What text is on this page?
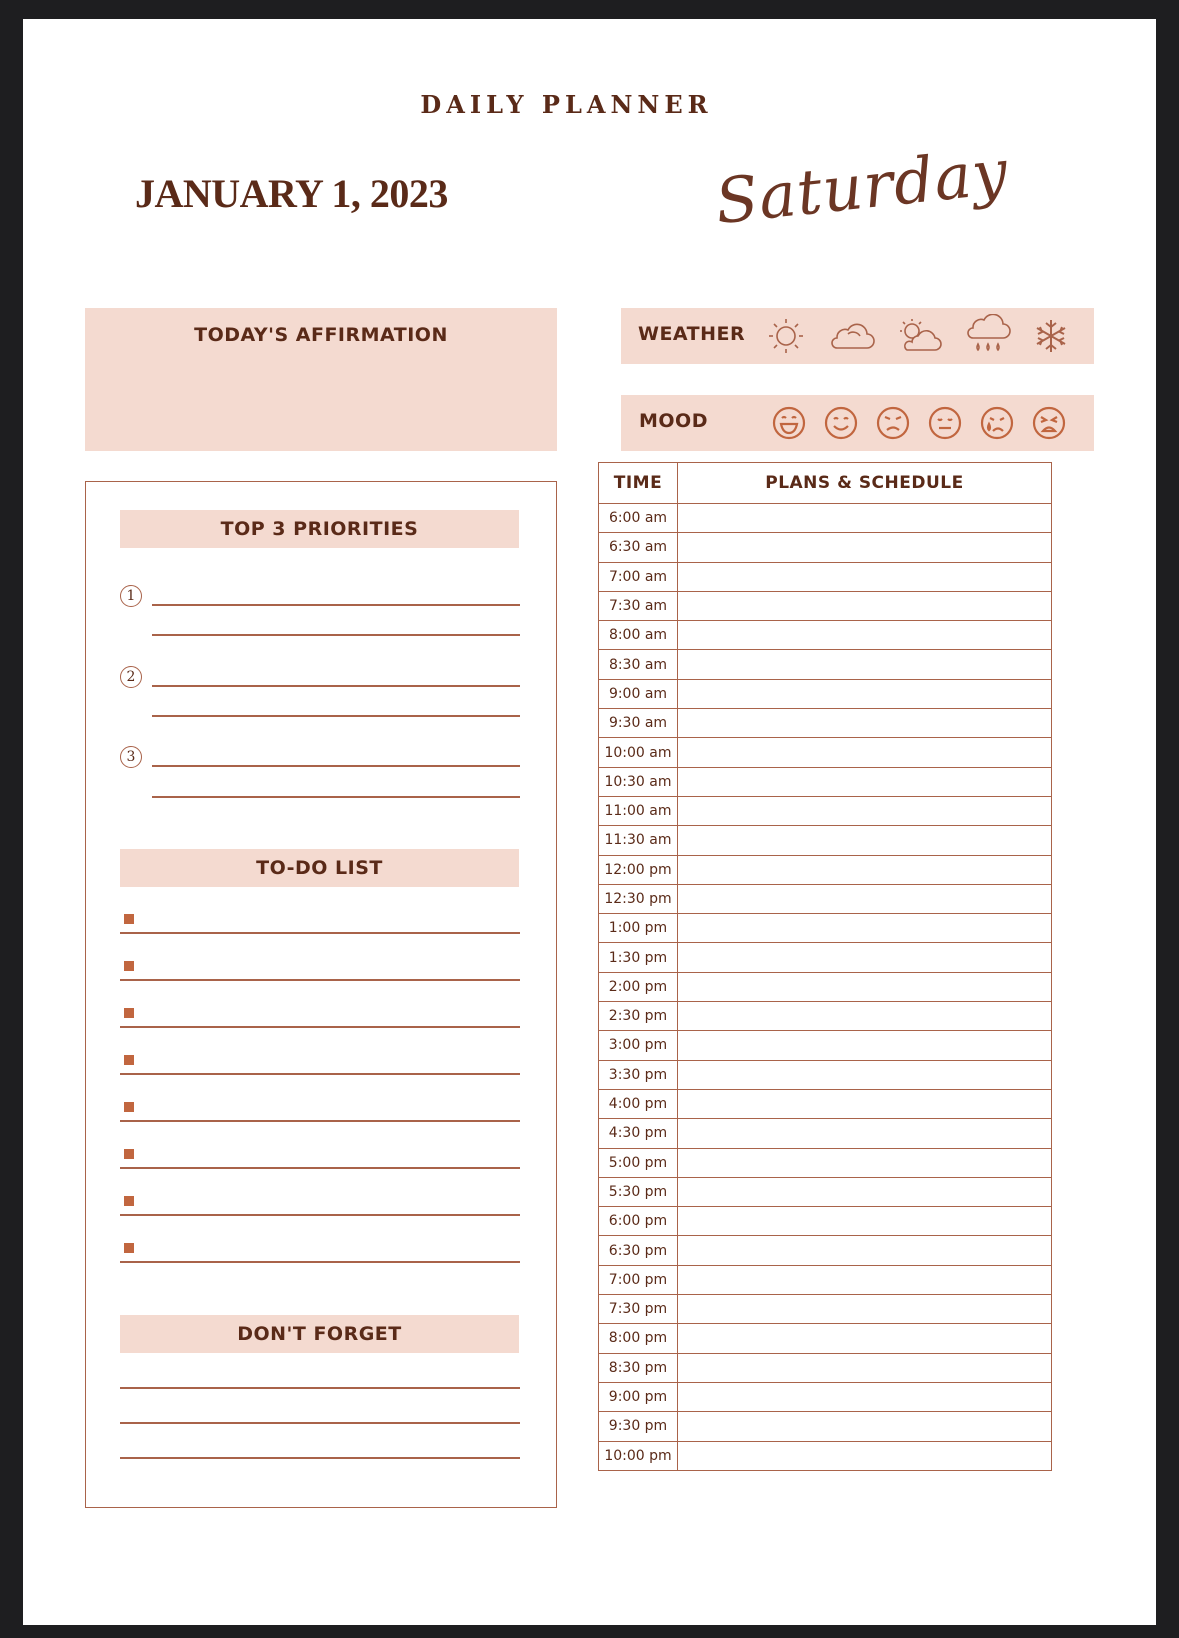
DAILY PLANNER
JANUARY 1, 2023	Saturday
TODAY'S AFFIRMATION	WEATHER
MOOD
TOP 3 PRIORITIES
1
2
3
TO-DO LIST
DON'T FORGET
TIME	PLANS & SCHEDULE
6:00 am	
6:30 am	
7:00 am	
7:30 am	
8:00 am	
8:30 am	
9:00 am	
9:30 am	
10:00 am	
10:30 am	
11:00 am	
11:30 am	
12:00 pm	
12:30 pm	
1:00 pm	
1:30 pm	
2:00 pm	
2:30 pm	
3:00 pm	
3:30 pm	
4:00 pm	
4:30 pm	
5:00 pm	
5:30 pm	
6:00 pm	
6:30 pm	
7:00 pm	
7:30 pm	
8:00 pm	
8:30 pm	
9:00 pm	
9:30 pm	
10:00 pm	
